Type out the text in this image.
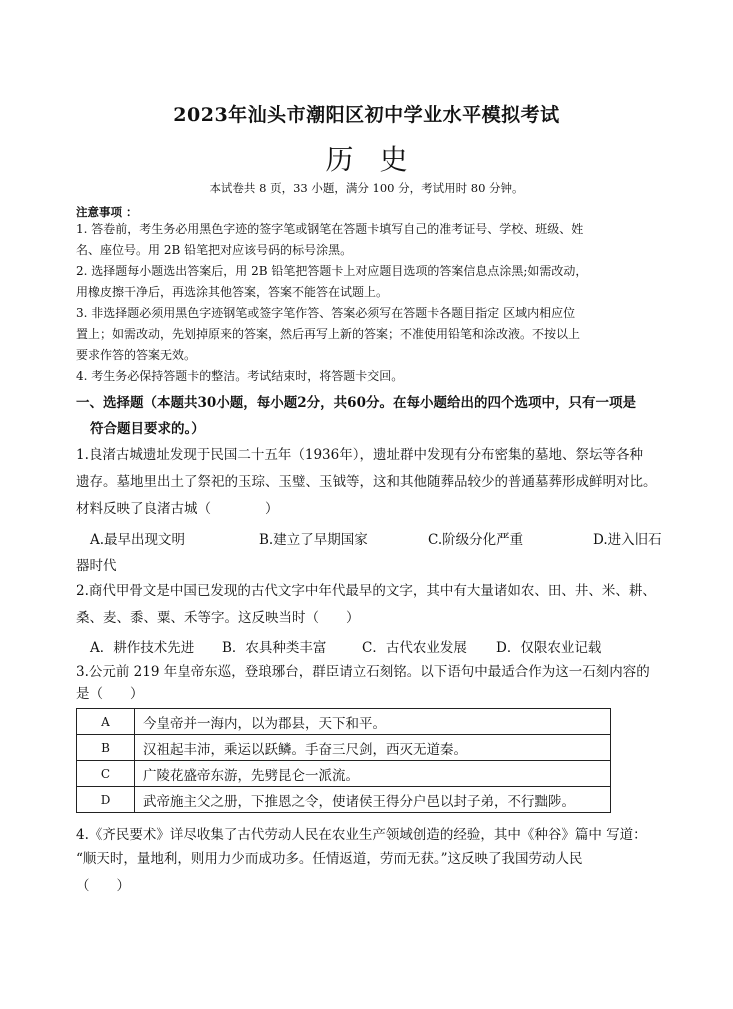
2023年汕头市潮阳区初中学业水平模拟考试
历史
本试卷共 8 页，33 小题，满分 100 分，考试用时 80 分钟。
注意事项 ：
1. 答卷前，考生务必用黑色字迹的签字笔或钢笔在答题卡填写自己的准考证号、学校、班级、姓
名、座位号。用 2B 铅笔把对应该号码的标号涂黑。
2. 选择题每小题选出答案后，用 2B 铅笔把答题卡上对应题目选项的答案信息点涂黑;如需改动，
用橡皮擦干净后，再选涂其他答案，答案不能答在试题上。
3. 非选择题必须用黑色字迹钢笔或签字笔作答、答案必须写在答题卡各题目指定 区域内相应位
置上；如需改动，先划掉原来的答案，然后再写上新的答案；不准使用铅笔和涂改液。不按以上
要求作答的答案无效。
4. 考生务必保持答题卡的整洁。考试结束时，将答题卡交回。
一、选择题（本题共30小题，每小题2分，共60分。在每小题给出的四个选项中，只有一项是
符合题目要求的。）
1.良渚古城遗址发现于民国二十五年（1936年），遗址群中发现有分布密集的墓地、祭坛等各种
遗存。墓地里出土了祭祀的玉琮、玉璧、玉钺等，这和其他随葬品较少的普通墓葬形成鲜明对比。
材料反映了良渚古城（　　　　）
A.最早出现文明	B.建立了早期国家	C.阶级分化严重	D.进入旧石
器时代
2.商代甲骨文是中国已发现的古代文字中年代最早的文字，其中有大量诸如农、田、井、米、耕、
桑、麦、黍、粟、禾等字。这反映当时（　　）
A．耕作技术先进 B．农具种类丰富	C．古代农业发展 D．仅限农业记载
3.公元前 219 年皇帝东巡，登琅琊台，群臣请立石刻铭。以下语句中最适合作为这一石刻内容的
是（　　）
A	今皇帝并一海内，以为郡县，天下和平。
B	汉祖起丰沛，乘运以跃鳞。手奋三尺剑，西灭无道秦。
C	广陵花盛帝东游，先劈昆仑一派流。
D	武帝施主父之册，下推恩之令，使诸侯王得分户邑以封子弟，不行黜陟。
4.《齐民要术》详尽收集了古代劳动人民在农业生产领域创造的经验，其中《种谷》篇中 写道：
“顺天时，量地利，则用力少而成功多。任情返道，劳而无获。”这反映了我国劳动人民
（　　）
